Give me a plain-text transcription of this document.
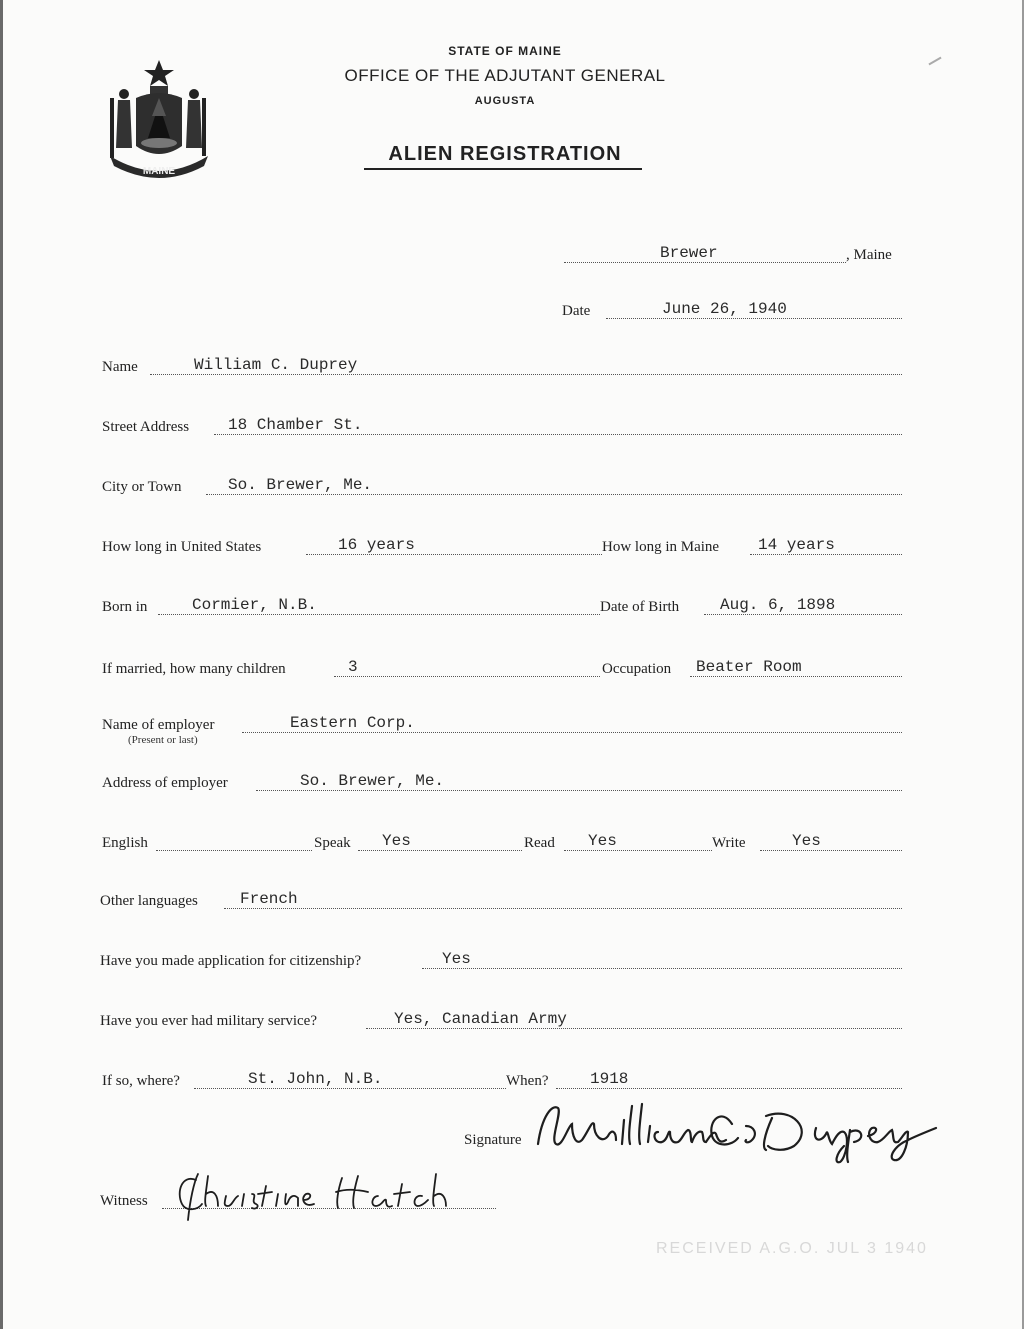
MAINE
STATE OF MAINE
OFFICE OF THE ADJUTANT GENERAL
AUGUSTA
ALIEN REGISTRATION
Brewer	, Maine
Date	June 26, 1940
Name	William C. Duprey
Street Address 18 Chamber St.
City or Town	So. Brewer, Me.
How long in United States	16 years	How long in Maine 14 years
Born in	Cormier, N.B.	Date of Birth	Aug. 6, 1898
If married, how many children	3	Occupation Beater Room
Name of employer	Eastern Corp.
(Present or last)
Address of employer	So. Brewer, Me.
English	Speak Yes	Read Yes	Write	Yes
Other languages	French
Have you made application for citizenship?	Yes
Have you ever had military service?	Yes, Canadian Army
If so, where?	St. John, N.B.	When?	1918
Signature
William C Duprey
Witness
Christine Hatch
RECEIVED A.G.O. JUL 3 1940
